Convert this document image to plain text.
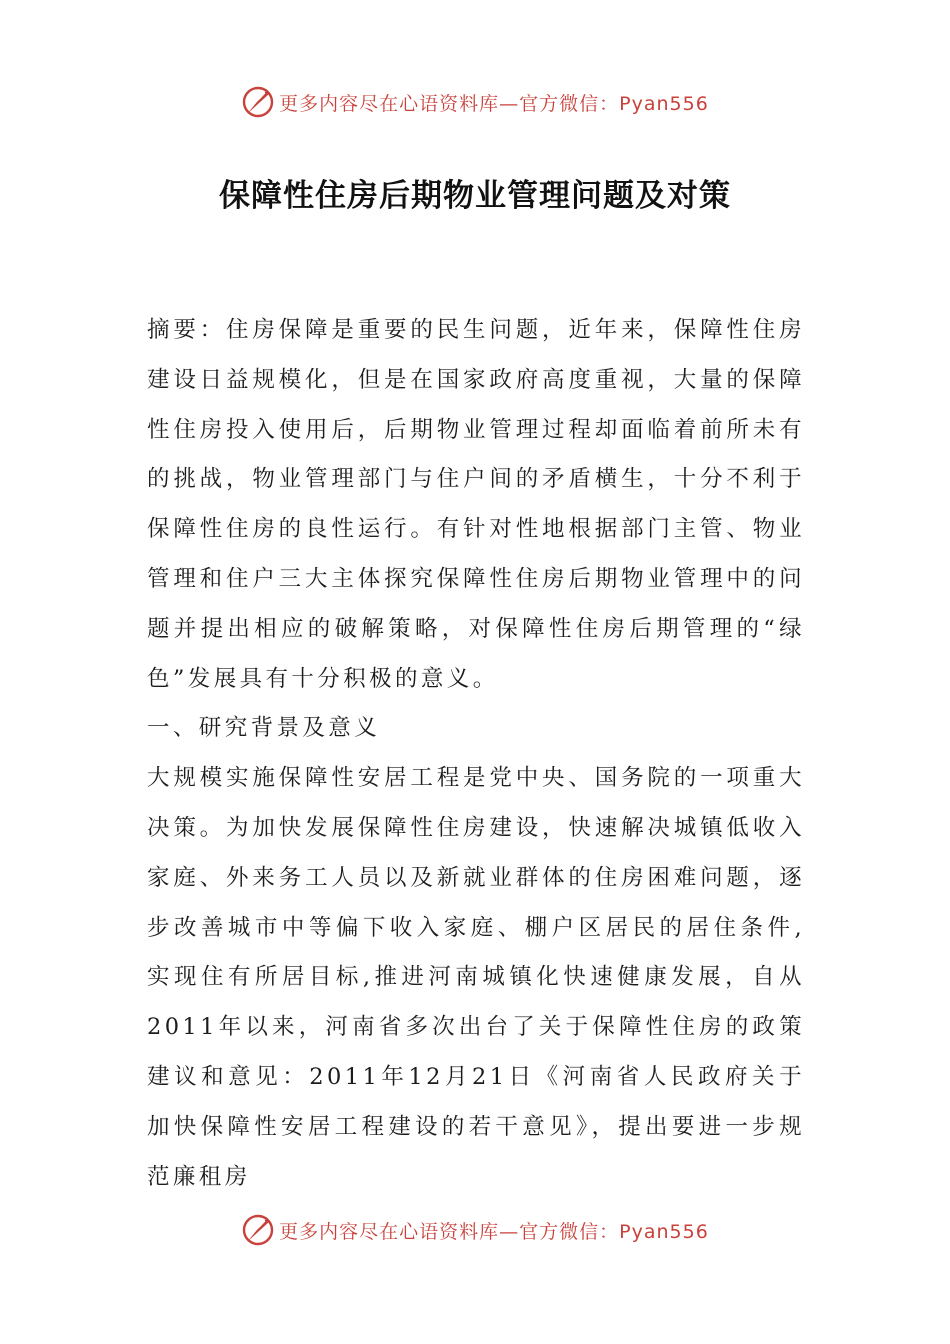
更多内容尽在心语资料库—官方微信：Pyan556
保障性住房后期物业管理问题及对策

摘要：住房保障是重要的民生问题，近年来，保障性住房建设日益规模化，但是在国家政府高度重视，大量的保障性住房投入使用后，后期物业管理过程却面临着前所未有的挑战，物业管理部门与住户间的矛盾横生，十分不利于保障性住房的良性运行。有针对性地根据部门主管、物业管理和住户三大主体探究保障性住房后期物业管理中的问题并提出相应的破解策略，对保障性住房后期管理的“绿色”发展具有十分积极的意义。

一、研究背景及意义

大规模实施保障性安居工程是党中央、国务院的一项重大决策。为加快发展保障性住房建设，快速解决城镇低收入家庭、外来务工人员以及新就业群体的住房困难问题，逐步改善城市中等偏下收入家庭、棚户区居民的居住条件,实现住有所居目标,推进河南城镇化快速健康发展，自从2011年以来，河南省多次出台了关于保障性住房的政策建议和意见：2011年12月21日《河南省人民政府关于加快保障性安居工程建设的若干意见》，提出要进一步规范廉租房

更多内容尽在心语资料库—官方微信：Pyan556
